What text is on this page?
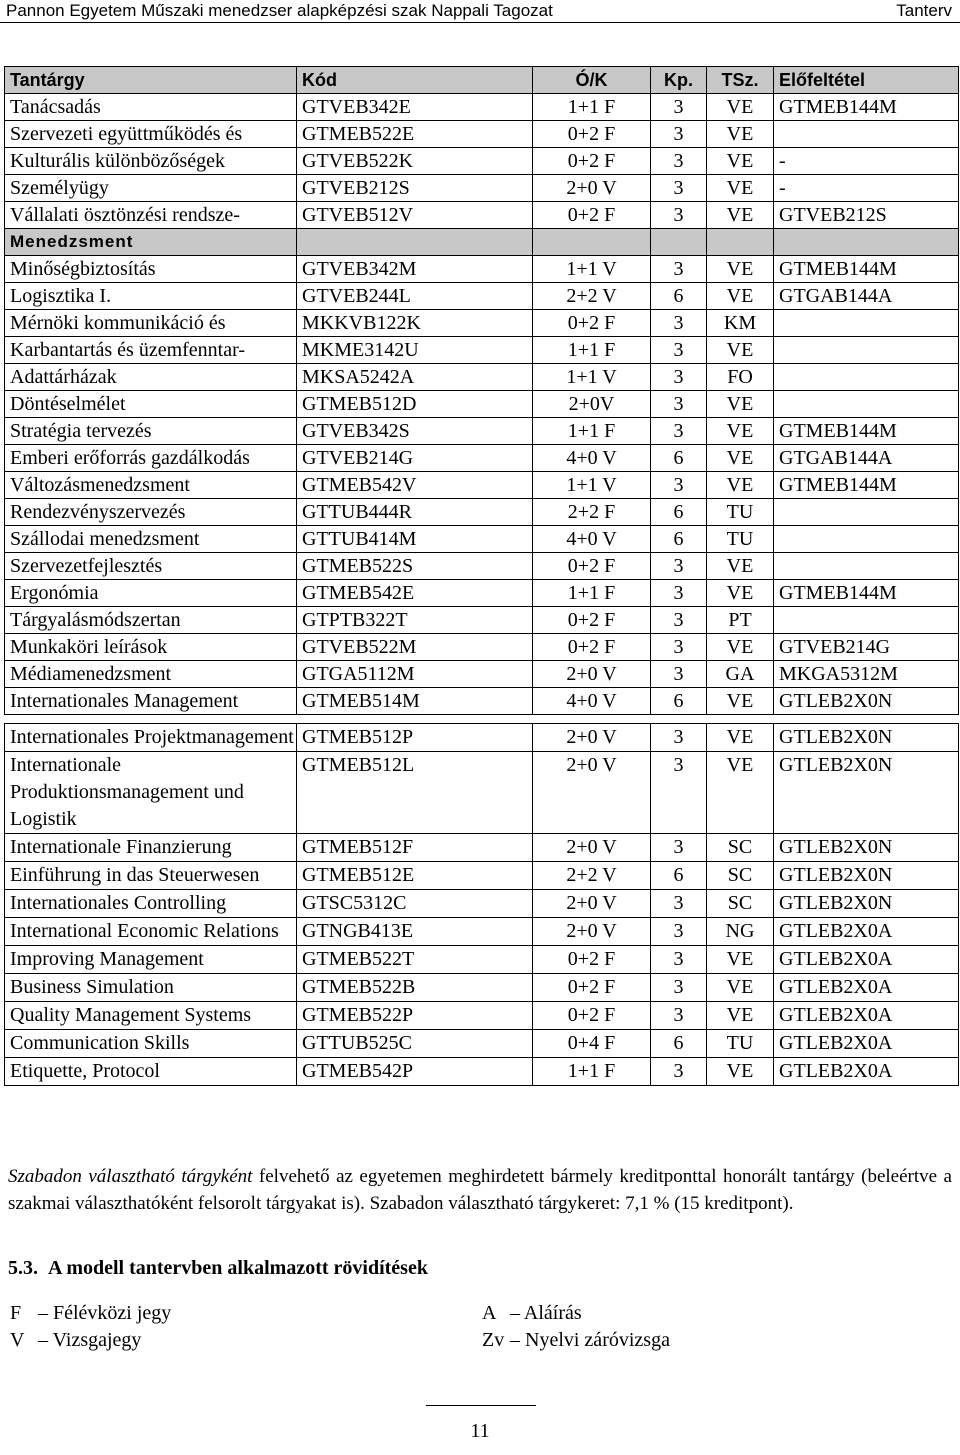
Pannon Egyetem Műszaki menedzser alapképzési szak Nappali Tagozat	Tanterv
Tantárgy	Kód	Ó/K	Kp.	TSz.	Előfeltétel
Tanácsadás	GTVEB342E	1+1 F	3	VE	GTMEB144M
Szervezeti együttműködés és	GTMEB522E	0+2 F	3	VE	
Kulturális különbözőségek	GTVEB522K	0+2 F	3	VE	-
Személyügy	GTVEB212S	2+0 V	3	VE	-
Vállalati ösztönzési rendsze-	GTVEB512V	0+2 F	3	VE	GTVEB212S
Menedzsment					
Minőségbiztosítás	GTVEB342M	1+1 V	3	VE	GTMEB144M
Logisztika I.	GTVEB244L	2+2 V	6	VE	GTGAB144A
Mérnöki kommunikáció és	MKKVB122K	0+2 F	3	KM	
Karbantartás és üzemfenntar-	MKME3142U	1+1 F	3	VE	
Adattárházak	MKSA5242A	1+1 V	3	FO	
Döntéselmélet	GTMEB512D	2+0V	3	VE	
Stratégia tervezés	GTVEB342S	1+1 F	3	VE	GTMEB144M
Emberi erőforrás gazdálkodás	GTVEB214G	4+0 V	6	VE	GTGAB144A
Változásmenedzsment	GTMEB542V	1+1 V	3	VE	GTMEB144M
Rendezvényszervezés	GTTUB444R	2+2 F	6	TU	
Szállodai menedzsment	GTTUB414M	4+0 V	6	TU	
Szervezetfejlesztés	GTMEB522S	0+2 F	3	VE	
Ergonómia	GTMEB542E	1+1 F	3	VE	GTMEB144M
Tárgyalásmódszertan	GTPTB322T	0+2 F	3	PT	
Munkaköri leírások	GTVEB522M	0+2 F	3	VE	GTVEB214G
Médiamenedzsment	GTGA5112M	2+0 V	3	GA	MKGA5312M
Internationales Management	GTMEB514M	4+0 V	6	VE	GTLEB2X0N

Internationales Projektmanagement	GTMEB512P	2+0 V	3	VE	GTLEB2X0N
Internationale Produktionsmanagement und Logistik	GTMEB512L	2+0 V	3	VE	GTLEB2X0N
Internationale Finanzierung	GTMEB512F	2+0 V	3	SC	GTLEB2X0N
Einführung in das Steuerwesen	GTMEB512E	2+2 V	6	SC	GTLEB2X0N
Internationales Controlling	GTSC5312C	2+0 V	3	SC	GTLEB2X0N
International Economic Relations	GTNGB413E	2+0 V	3	NG	GTLEB2X0A
Improving Management	GTMEB522T	0+2 F	3	VE	GTLEB2X0A
Business Simulation	GTMEB522B	0+2 F	3	VE	GTLEB2X0A
Quality Management Systems	GTMEB522P	0+2 F	3	VE	GTLEB2X0A
Communication Skills	GTTUB525C	0+4 F	6	TU	GTLEB2X0A
Etiquette, Protocol	GTMEB542P	1+1 F	3	VE	GTLEB2X0A
Szabadon választható tárgyként felvehető az egyetemen meghirdetett bármely kreditponttal honorált tantárgy (beleértve a szakmai választhatóként felsorolt tárgyakat is). Szabadon választható tárgykeret: 7,1 % (15 kreditpont).
5.3. A modell tantervben alkalmazott rövidítések
F – Félévközi jegy
V – Vizsgajegy
A – Aláírás
Zv – Nyelvi záróvizsga
11
